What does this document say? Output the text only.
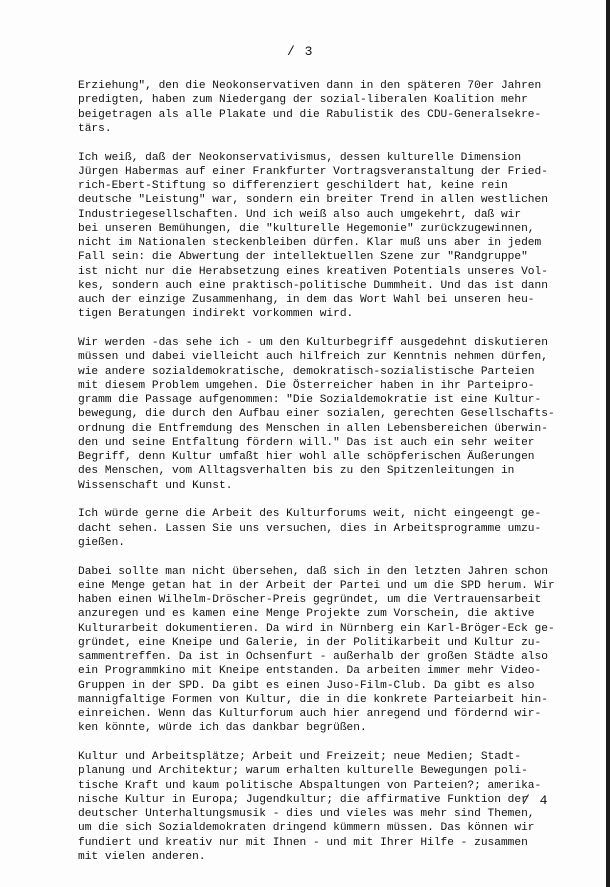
/ 3
Erziehung", den die Neokonservativen dann in den späteren 70er Jahren
predigten, haben zum Niedergang der sozial-liberalen Koalition mehr
beigetragen als alle Plakate und die Rabulistik des CDU-Generalsekre-
tärs.
Ich weiß, daß der Neokonservativismus, dessen kulturelle Dimension
Jürgen Habermas auf einer Frankfurter Vortragsveranstaltung der Fried-
rich-Ebert-Stiftung so differenziert geschildert hat, keine rein
deutsche "Leistung" war, sondern ein breiter Trend in allen westlichen
Industriegesellschaften. Und ich weiß also auch umgekehrt, daß wir
bei unseren Bemühungen, die "kulturelle Hegemonie" zurückzugewinnen,
nicht im Nationalen steckenbleiben dürfen. Klar muß uns aber in jedem
Fall sein: die Abwertung der intellektuellen Szene zur "Randgruppe"
ist nicht nur die Herabsetzung eines kreativen Potentials unseres Vol-
kes, sondern auch eine praktisch-politische Dummheit. Und das ist dann
auch der einzige Zusammenhang, in dem das Wort Wahl bei unseren heu-
tigen Beratungen indirekt vorkommen wird.
Wir werden -das sehe ich - um den Kulturbegriff ausgedehnt diskutieren
müssen und dabei vielleicht auch hilfreich zur Kenntnis nehmen dürfen,
wie andere sozialdemokratische, demokratisch-sozialistische Parteien
mit diesem Problem umgehen. Die Österreicher haben in ihr Parteipro-
gramm die Passage aufgenommen: "Die Sozialdemokratie ist eine Kultur-
bewegung, die durch den Aufbau einer sozialen, gerechten Gesellschafts-
ordnung die Entfremdung des Menschen in allen Lebensbereichen überwin-
den und seine Entfaltung fördern will." Das ist auch ein sehr weiter
Begriff, denn Kultur umfaßt hier wohl alle schöpferischen Äußerungen
des Menschen, vom Alltagsverhalten bis zu den Spitzenleitungen in
Wissenschaft und Kunst.
Ich würde gerne die Arbeit des Kulturforums weit, nicht eingeengt ge-
dacht sehen. Lassen Sie uns versuchen, dies in Arbeitsprogramme umzu-
gießen.
Dabei sollte man nicht übersehen, daß sich in den letzten Jahren schon
eine Menge getan hat in der Arbeit der Partei und um die SPD herum. Wir
haben einen Wilhelm-Dröscher-Preis gegründet, um die Vertrauensarbeit
anzuregen und es kamen eine Menge Projekte zum Vorschein, die aktive
Kulturarbeit dokumentieren. Da wird in Nürnberg ein Karl-Bröger-Eck ge-
gründet, eine Kneipe und Galerie, in der Politikarbeit und Kultur zu-
sammentreffen. Da ist in Ochsenfurt - außerhalb der großen Städte also
ein Programmkino mit Kneipe entstanden. Da arbeiten immer mehr Video-
Gruppen in der SPD. Da gibt es einen Juso-Film-Club. Da gibt es also
mannigfaltige Formen von Kultur, die in die konkrete Parteiarbeit hin-
einreichen. Wenn das Kulturforum auch hier anregend und fördernd wir-
ken könnte, würde ich das dankbar begrüßen.
Kultur und Arbeitsplätze; Arbeit und Freizeit; neue Medien; Stadt-
planung und Architektur; warum erhalten kulturelle Bewegungen poli-
tische Kraft und kaum politische Abspaltungen von Parteien?; amerika-
nische Kultur in Europa; Jugendkultur; die affirmative Funktion der
deutscher Unterhaltungsmusik - dies und vieles was mehr sind Themen,
um die sich Sozialdemokraten dringend kümmern müssen. Das können wir
fundiert und kreativ nur mit Ihnen - und mit Ihrer Hilfe - zusammen
mit vielen anderen.
/ 4
